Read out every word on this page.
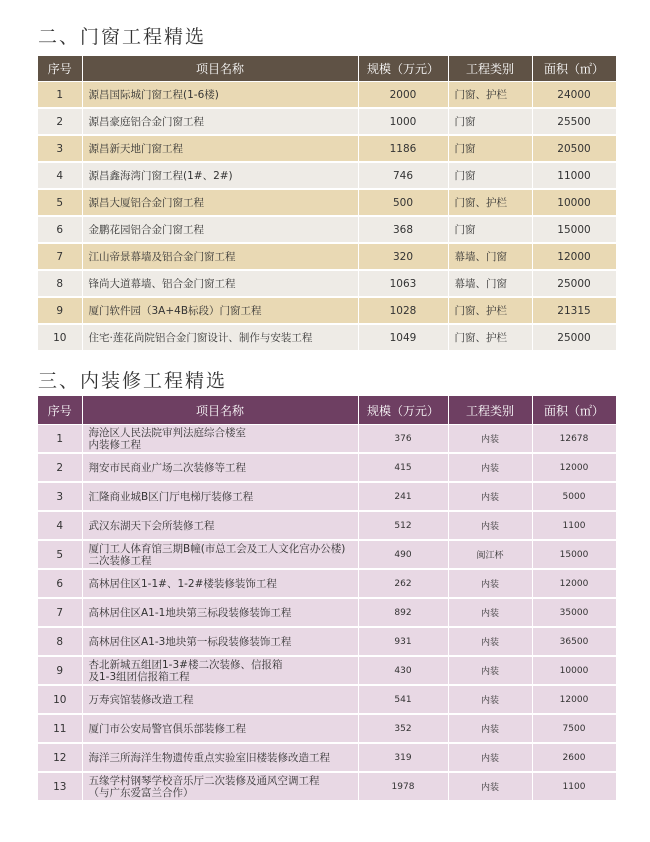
二、门窗工程精选
序号	项目名称	规模（万元）	工程类别	面积（㎡）
1	源昌国际城门窗工程(1-6楼)	2000	门窗、护栏	24000
2	源昌豪庭铝合金门窗工程	1000	门窗	25500
3	源昌新天地门窗工程	1186	门窗	20500
4	源昌鑫海湾门窗工程(1#、2#)	746	门窗	11000
5	源昌大厦铝合金门窗工程	500	门窗、护栏	10000
6	金鹏花园铝合金门窗工程	368	门窗	15000
7	江山帝景幕墙及铝合金门窗工程	320	幕墙、门窗	12000
8	锋尚大道幕墙、铝合金门窗工程	1063	幕墙、门窗	25000
9	厦门软件园（3A+4B标段）门窗工程	1028	门窗、护栏	21315
10	住宅·莲花尚院铝合金门窗设计、制作与安装工程	1049	门窗、护栏	25000
三、内装修工程精选
序号	项目名称	规模（万元）	工程类别	面积（㎡）
1	海沧区人民法院审判法庭综合楼室
内装修工程	376	内装	12678
2	翔安市民商业广场二次装修等工程	415	内装	12000
3	汇隆商业城B区门厅电梯厅装修工程	241	内装	5000
4	武汉东湖天下会所装修工程	512	内装	1100
5	厦门工人体育馆三期B幢(市总工会及工人文化宫办公楼)
二次装修工程	490	闽江杯	15000
6	高林居住区1-1#、1-2#楼装修装饰工程	262	内装	12000
7	高林居住区A1-1地块第三标段装修装饰工程	892	内装	35000
8	高林居住区A1-3地块第一标段装修装饰工程	931	内装	36500
9	杏北新城五组团1-3#楼二次装修、信报箱
及1-3组团信报箱工程	430	内装	10000
10	万寿宾馆装修改造工程	541	内装	12000
11	厦门市公安局警官俱乐部装修工程	352	内装	7500
12	海洋三所海洋生物遗传重点实验室旧楼装修改造工程	319	内装	2600
13	五缘学村钢琴学校音乐厅二次装修及通风空调工程
（与广东爱富兰合作）	1978	内装	1100
